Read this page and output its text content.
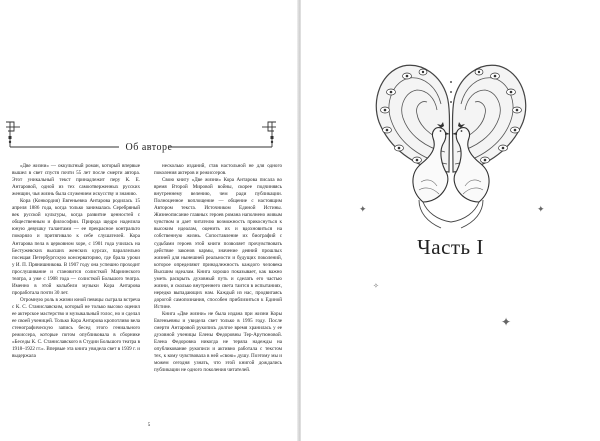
Об авторе

«Две жизни» — оккультный роман, который впервые вышел в свет спустя почти 55 лет после смерти автора. Этот уникальный текст принадлежит перу К. Е. Антаровой, одной из тех самоотверженных русских женщин, чья жизнь была служением искусству и знанию.

Кора (Конкордия) Евгеньевна Антарова родилась 15 апреля 1886 года, когда только занималась Серебряный век русской культуры, когда развитие ценностей с общественным и философии. Природа щедро наделила юную девушку талантами — ее прекрасное контральто покоряло и притягивало к себе слушателей. Кора Антарова пела в церковном хоре, с 1901 года училась на Бестужевских высших женских курсах, параллельно посещая Петербургскую консерваторию, где брала уроки у И. П. Прянишникова. В 1907 году она успешно проходит прослушивание и становится солисткой Мариинского театра, а уже с 1908 года — солисткой Большого театра. Именно в этой колыбели музыки Кора Антарова проработала почти 30 лет.

Огромную роль в жизни юной певицы сыграла встреча с К. С. Станиславским, который не только высоко оценил ее актерское мастерство и музыкальный голос, но и сделал ее своей ученицей. Только Кора Антарова кропотливо вела стенографическую запись бесед этого гениального режиссера, которые потом опубликовала в сборнике «Беседы К. С. Станиславского в Студии Большого театра в 1918–1922 гг.». Впервые эта книга увидела свет в 1939 г. и выдержала

несколько изданий, став настольной не для одного поколения актеров и режиссеров.

Свою книгу «Две жизни» Кора Антарова писала во время Второй Мировой войны, скорее подчиняясь внутреннему велению, чем ради публикации. Полноценное воплощение — общение с настоящим Автором текста. Источником Единой Истины. Жизнеописание главных героев романа наполнено живым чувством и дает читателю возможность прикоснуться к высоким идеалам, оценить их и вдохновиться на собственную жизнь. Сопоставление их биографий с судьбами героев этой книги позволяет прочувствовать действие законов кармы, значение деяний прошлых жизней для нынешней реальности и будущих поколений, которое определяют принадлежность каждого человека Высшим идеалам. Книга хорошо показывает, как важно уметь раскрыть духовный путь и сделать его частью жизни, и сколько внутреннего света таится в испытаниях, нередко выпадающих нам. Каждый из нас, продвигаясь дорогой самопознания, способен приблизиться к Единой Истине.

Книга «Две жизни» не была издана при жизни Коры Евгеньевны и увидела свет только в 1995 году. После смерти Антаровой рукопись долгое время хранилась у ее духовной ученицы Елены Федоровны Тер-Арутюновой. Елена Федоровна никогда не теряла надежды на опубликование рукописи и активно работала с текстом тех, к кому чувствовала в ней «свою» душу. Поэтому мы и можем сегодня узнать, что этой книгой дождались публикации не одного поколения читателей.

5
Часть I
✦	✦
✧
✦
